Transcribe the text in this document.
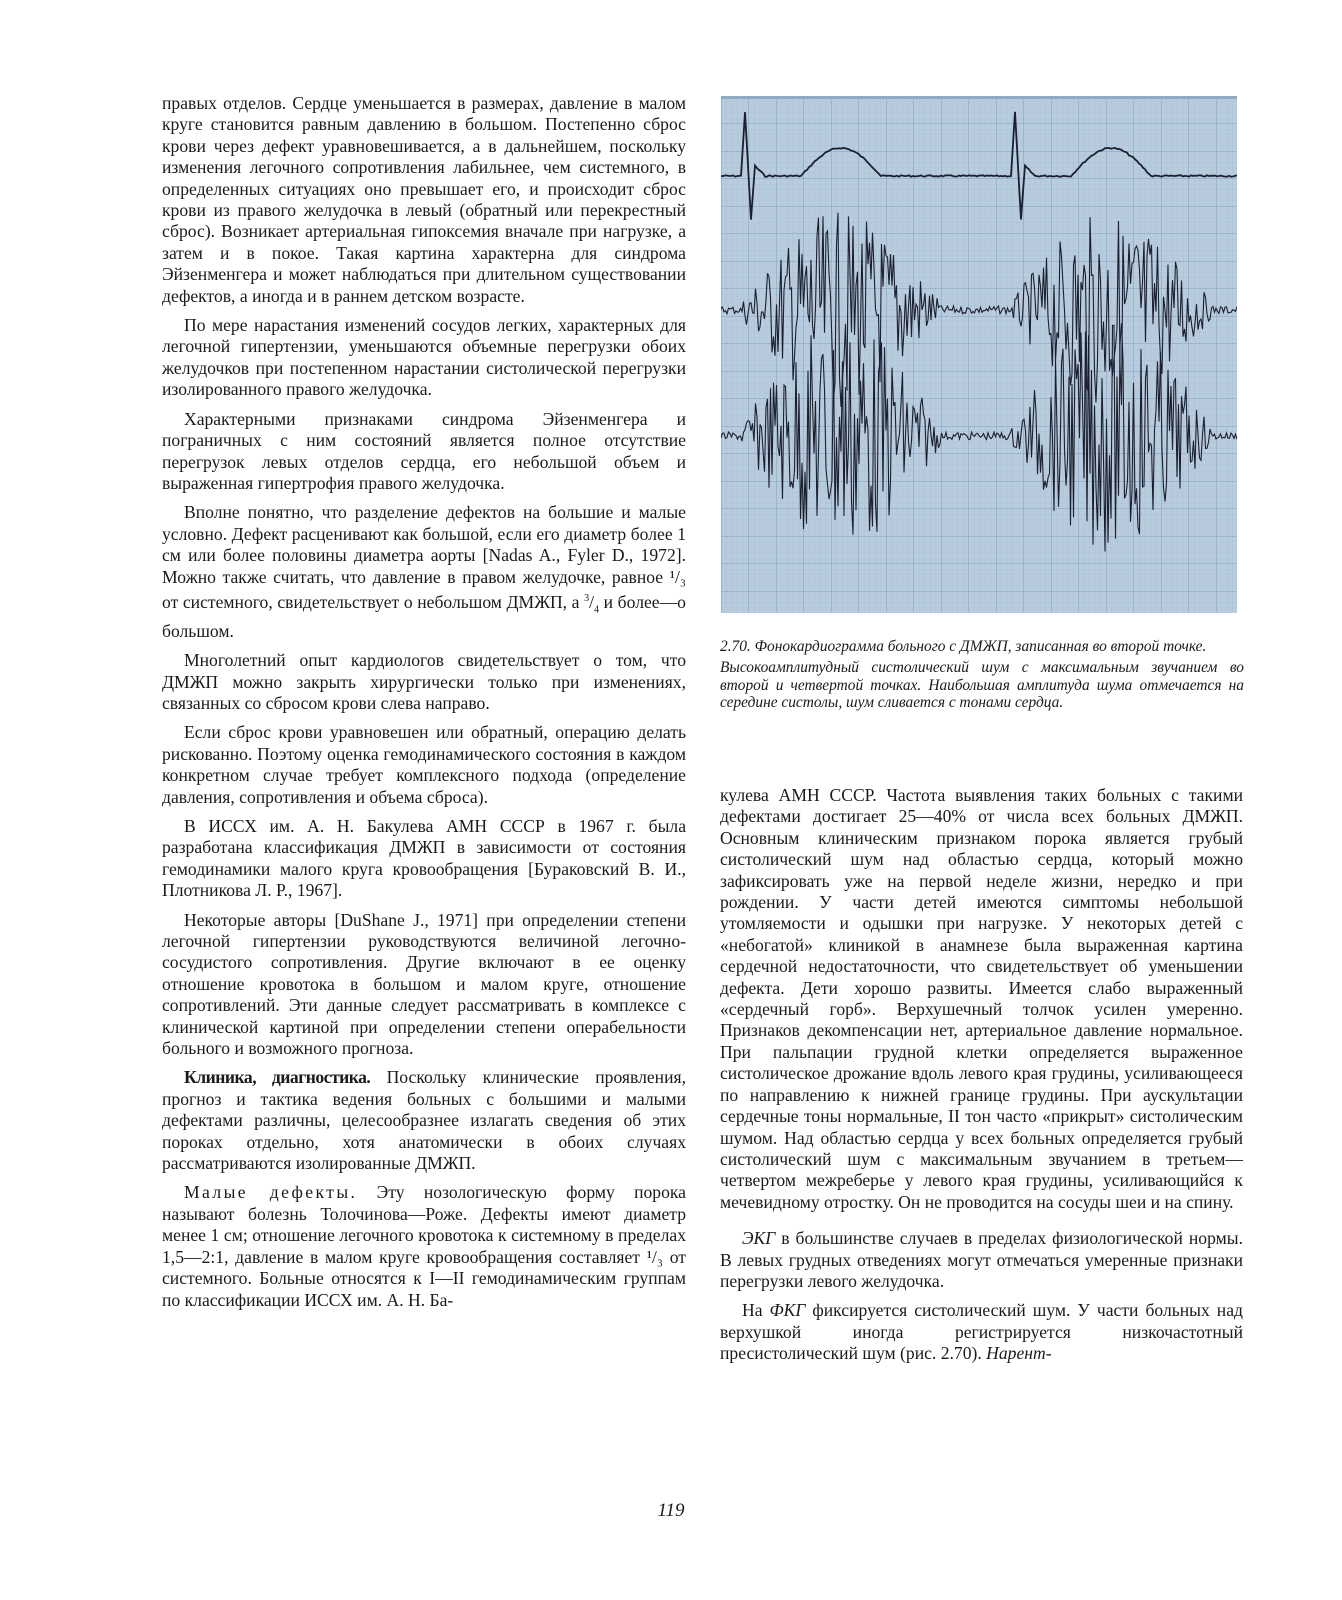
правых отделов. Сердце уменьшается в размерах, давление в малом круге становится равным давлению в большом. Постепенно сброс крови через дефект уравновешивается, а в дальнейшем, поскольку изменения легочного сопротивления лабильнее, чем системного, в определенных ситуациях оно превышает его, и происходит сброс крови из правого желудочка в левый (обратный или перекрестный сброс). Возникает артериальная гипоксемия вначале при нагрузке, а затем и в покое. Такая картина характерна для синдрома Эйзенменгера и может наблюдаться при длительном существовании дефектов, а иногда и в раннем детском возрасте.

По мере нарастания изменений сосудов легких, характерных для легочной гипертензии, уменьшаются объемные перегрузки обоих желудочков при постепенном нарастании систолической перегрузки изолированного правого желудочка.

Характерными признаками синдрома Эйзенменгера и пограничных с ним состояний является полное отсутствие перегрузок левых отделов сердца, его небольшой объем и выраженная гипертрофия правого желудочка.

Вполне понятно, что разделение дефектов на большие и малые условно. Дефект расценивают как большой, если его диаметр более 1 см или более половины диаметра аорты [Nadas A., Fyler D., 1972]. Можно также считать, что давление в правом желудочке, равное ¹/₃ от системного, свидетельствует о небольшом ДМЖП, а $^3/_4$ и более—о большом.

Многолетний опыт кардиологов свидетельствует о том, что ДМЖП можно закрыть хирургически только при изменениях, связанных со сбросом крови слева направо.

Если сброс крови уравновешен или обратный, операцию делать рискованно. Поэтому оценка гемодинамического состояния в каждом конкретном случае требует комплексного подхода (определение давления, сопротивления и объема сброса).

В ИССХ им. А. Н. Бакулева АМН СССР в 1967 г. была разработана классификация ДМЖП в зависимости от состояния гемодинамики малого круга кровообращения [Бураковский В. И., Плотникова Л. Р., 1967].

Некоторые авторы [DuShane J., 1971] при определении степени легочной гипертензии руководствуются величиной легочно-сосудистого сопротивления. Другие включают в ее оценку отношение кровотока в большом и малом круге, отношение сопротивлений. Эти данные следует рассматривать в комплексе с клинической картиной при определении степени операбельности больного и возможного прогноза.

Клиника, диагностика. Поскольку клинические проявления, прогноз и тактика ведения больных с большими и малыми дефектами различны, целесообразнее излагать сведения об этих пороках отдельно, хотя анатомически в обоих случаях рассматриваются изолированные ДМЖП.

Малые дефекты. Эту нозологическую форму порока называют болезнь Толочинова—Роже. Дефекты имеют диаметр менее 1 см; отношение легочного кровотока к системному в пределах 1,5—2:1, давление в малом круге кровообращения составляет ¹/₃ от системного. Больные относятся к I—II гемодинамическим группам по классификации ИССХ им. А. Н. Ба-

2.70. Фонокардиограмма больного с ДМЖП, записанная во второй точке.

Высокоамплитудный систолический шум с максимальным звучанием во второй и четвертой точках. Наибольшая амплитуда шума отмечается на середине систолы, шум сливается с тонами сердца.

кулева АМН СССР. Частота выявления таких больных с такими дефектами достигает 25—40% от числа всех больных ДМЖП. Основным клиническим признаком порока является грубый систолический шум над областью сердца, который можно зафиксировать уже на первой неделе жизни, нередко и при рождении. У части детей имеются симптомы небольшой утомляемости и одышки при нагрузке. У некоторых детей с «небогатой» клиникой в анамнезе была выраженная картина сердечной недостаточности, что свидетельствует об уменьшении дефекта. Дети хорошо развиты. Имеется слабо выраженный «сердечный горб». Верхушечный толчок усилен умеренно. Признаков декомпенсации нет, артериальное давление нормальное. При пальпации грудной клетки определяется выраженное систолическое дрожание вдоль левого края грудины, усиливающееся по направлению к нижней границе грудины. При аускультации сердечные тоны нормальные, II тон часто «прикрыт» систолическим шумом. Над областью сердца у всех больных определяется грубый систолический шум с максимальным звучанием в третьем—четвертом межреберье у левого края грудины, усиливающийся к мечевидному отростку. Он не проводится на сосуды шеи и на спину.

ЭКГ в большинстве случаев в пределах физиологической нормы. В левых грудных отведениях могут отмечаться умеренные признаки перегрузки левого желудочка.

На ФКГ фиксируется систолический шум. У части больных над верхушкой иногда регистрируется низкочастотный пресистолический шум (рис. 2.70). Нарент-

119
